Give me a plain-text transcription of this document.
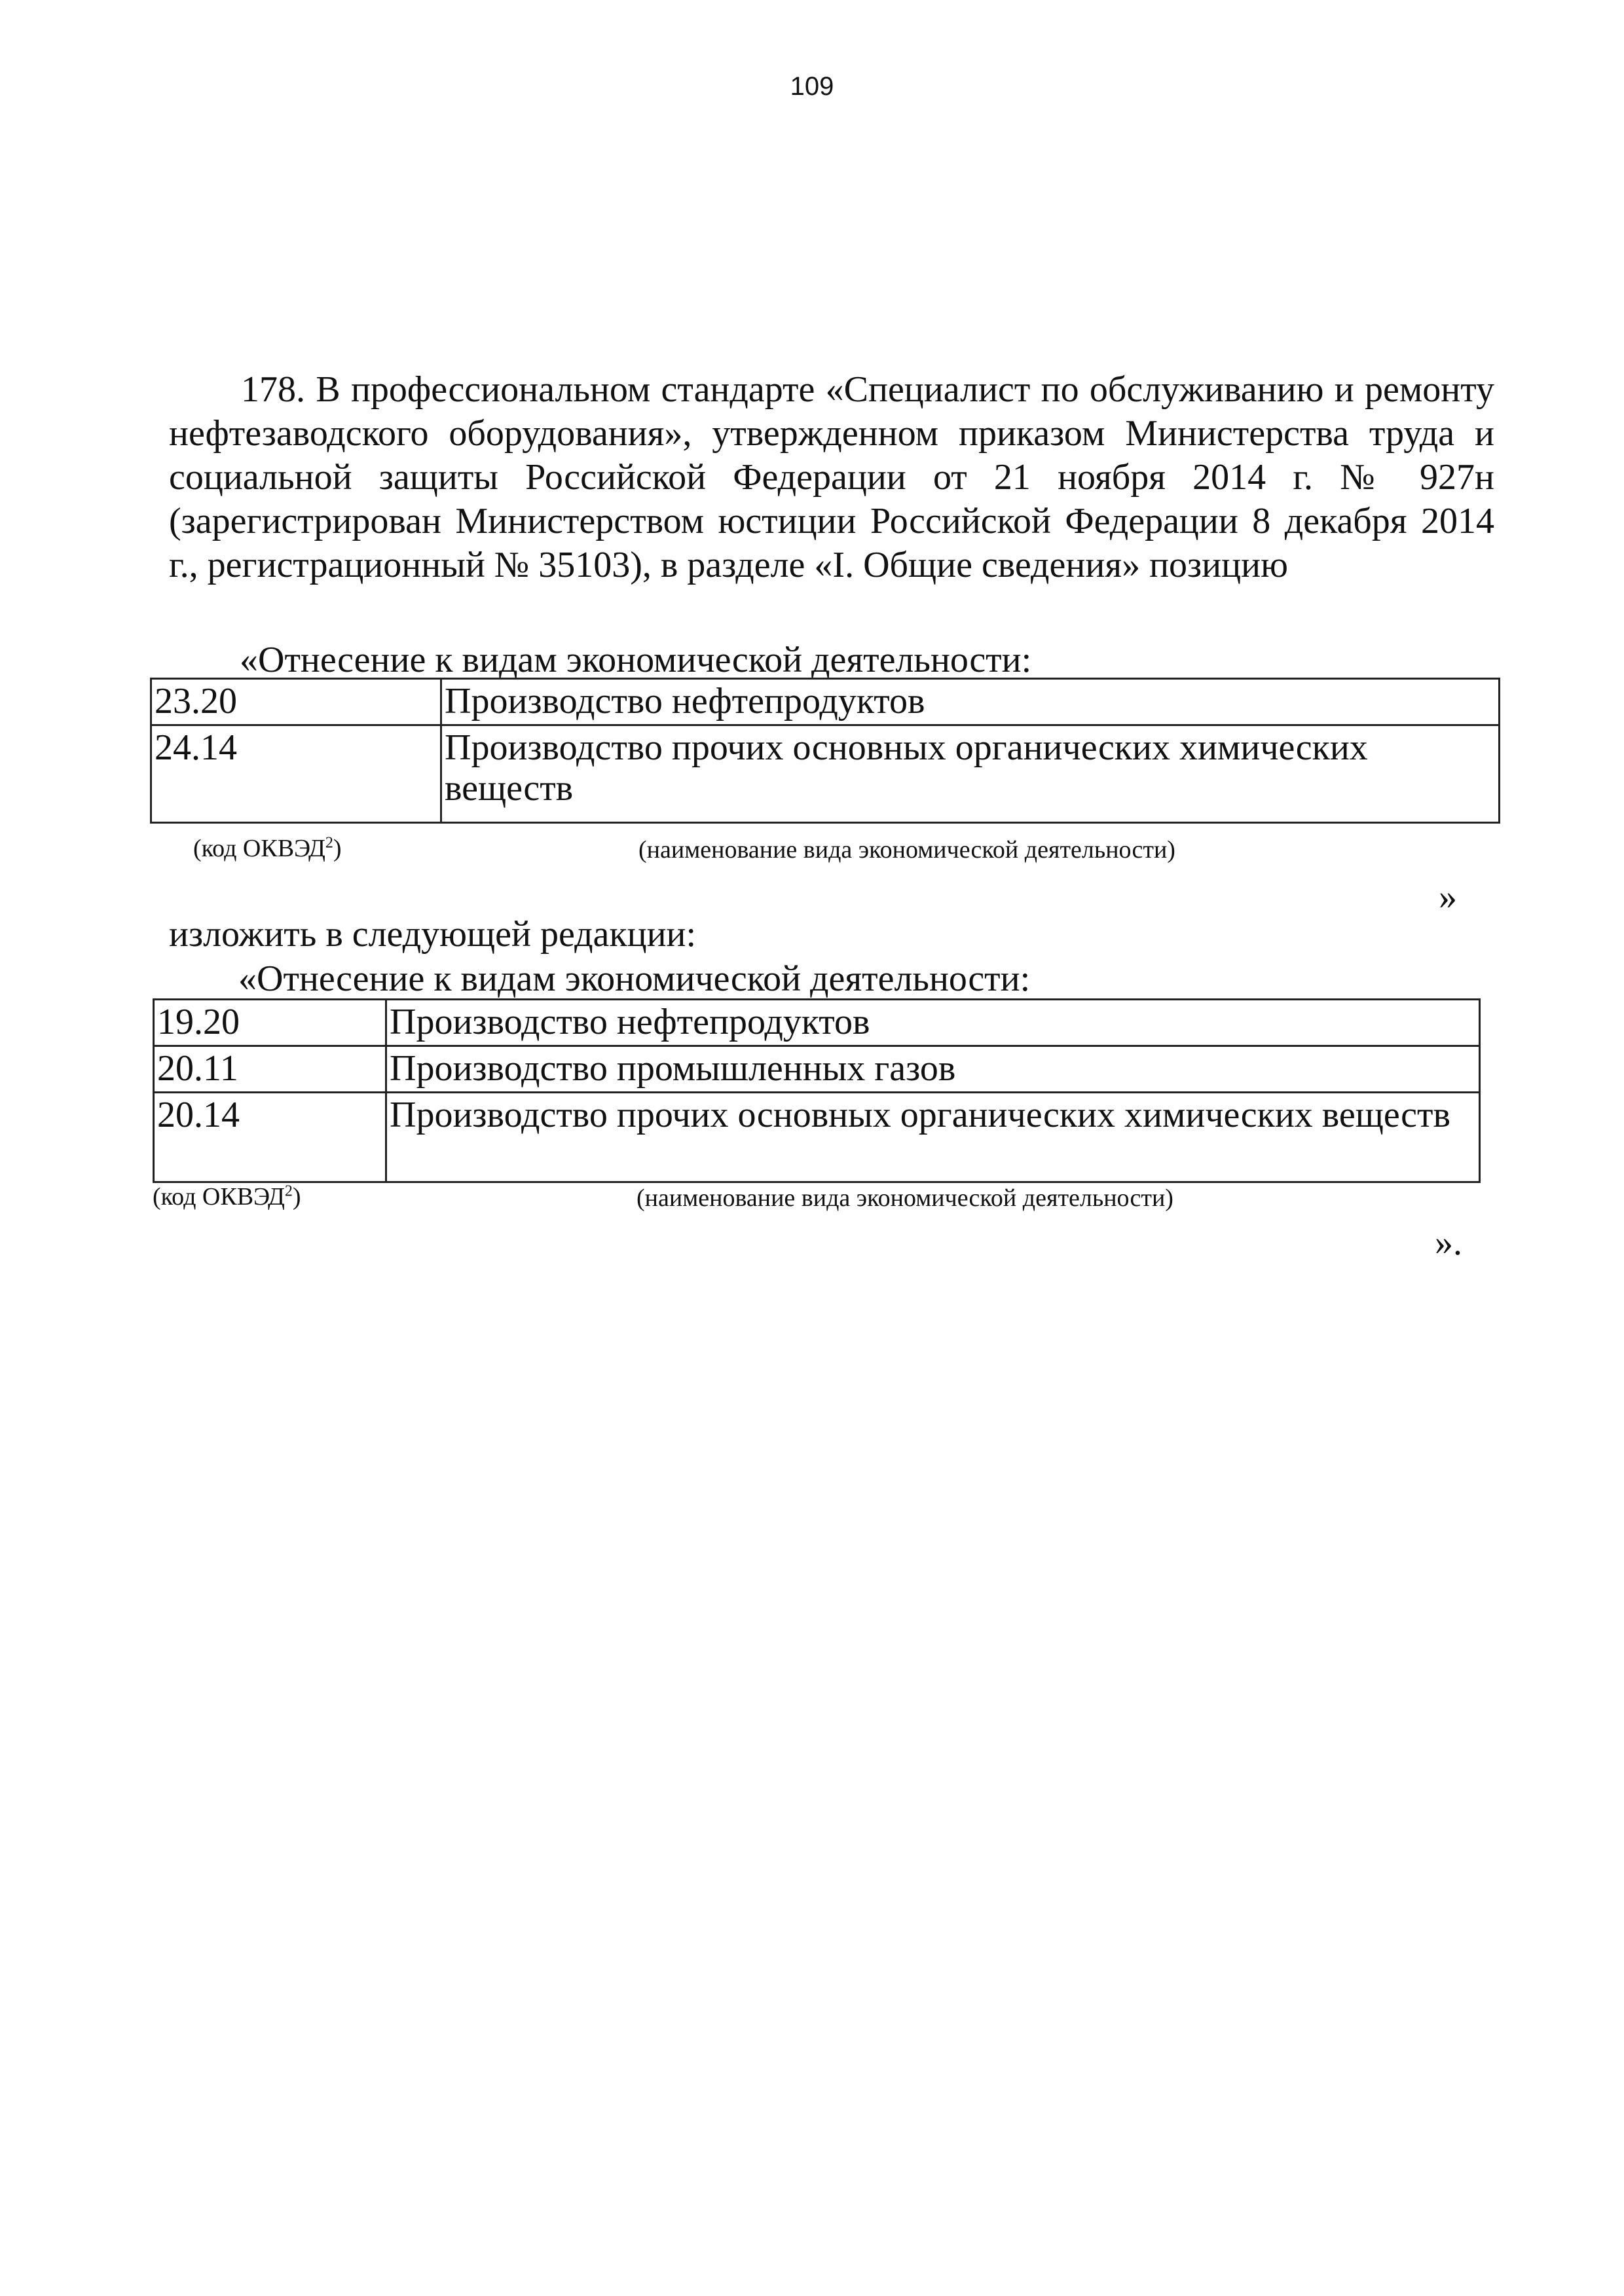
109
178. В профессиональном стандарте «Специалист по обслуживанию и ремонту нефтезаводского оборудования», утвержденном приказом Министерства труда и социальной защиты Российской Федерации от 21 ноября 2014 г. № 927н (зарегистрирован Министерством юстиции Российской Федерации 8 декабря 2014 г., регистрационный № 35103), в разделе «I. Общие сведения» позицию
«Отнесение к видам экономической деятельности:
23.20	Производство нефтепродуктов
24.14	Производство прочих основных органических химических веществ
(код ОКВЭД$^2$)	(наименование вида экономической деятельности)
»
изложить в следующей редакции:
«Отнесение к видам экономической деятельности:
19.20	Производство нефтепродуктов
20.11	Производство промышленных газов
20.14	Производство прочих основных органических химических веществ
(код ОКВЭД$^2$)	(наименование вида экономической деятельности)
».
